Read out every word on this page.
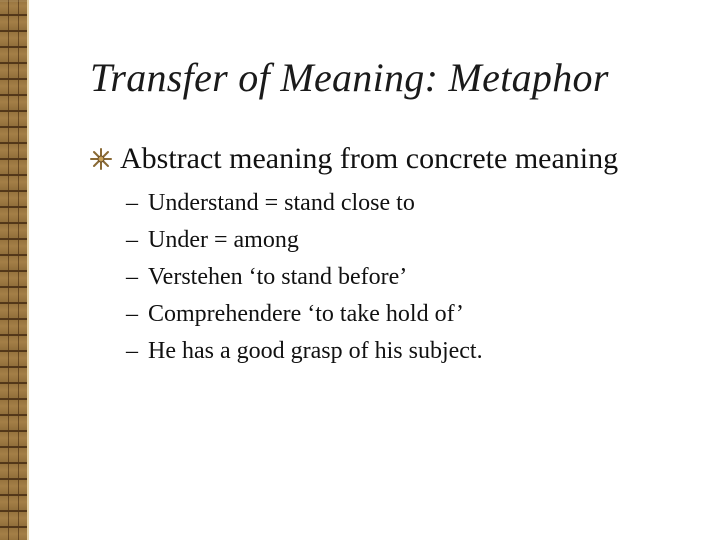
Transfer of Meaning: Metaphor
Abstract meaning from concrete meaning
– Understand = stand close to
– Under = among
– Verstehen ‘to stand before’
– Comprehendere ‘to take hold of’
– He has a good grasp of his subject.
